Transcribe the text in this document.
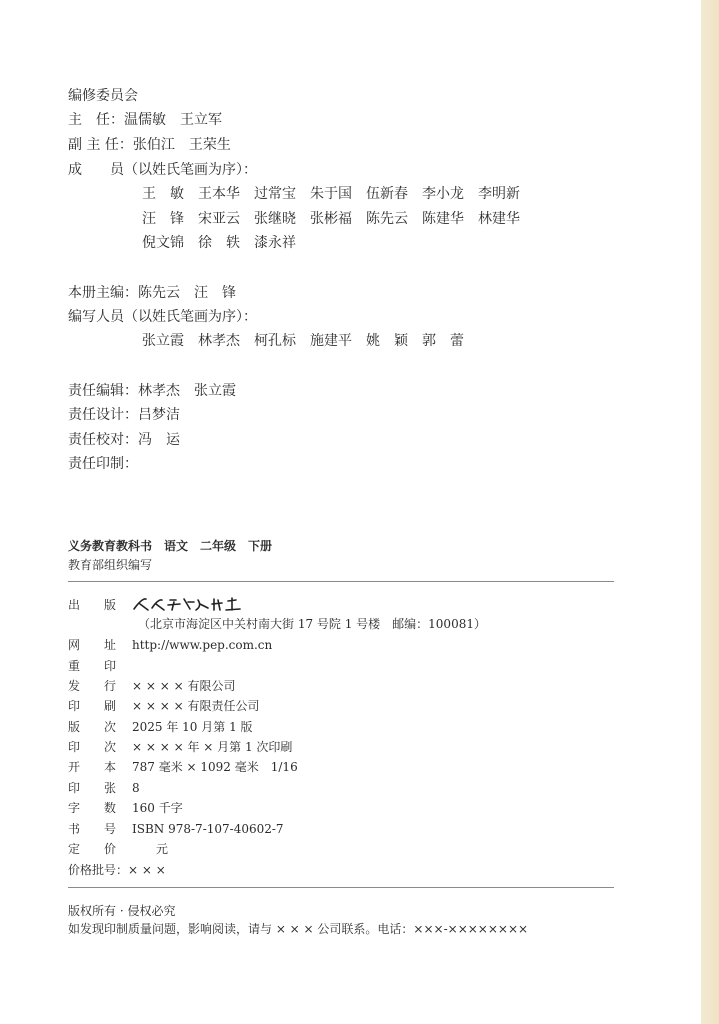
编修委员会
主　任：温儒敏　王立军
副 主 任：张伯江　王荣生
成　　员（以姓氏笔画为序）：
王　敏　王本华　过常宝　朱于国　伍新春　李小龙　李明新
汪　锋　宋亚云　张继晓　张彬福　陈先云　陈建华　林建华
倪文锦　徐　轶　漆永祥
本册主编：陈先云　汪　锋
编写人员（以姓氏笔画为序）：
张立霞　林孝杰　柯孔标　施建平　姚　颖　郭　蕾
责任编辑：林孝杰　张立霞
责任设计：吕梦洁
责任校对：冯　运
责任印制：
义务教育教科书　语文　二年级　下册
教育部组织编写
出　　版
（北京市海淀区中关村南大街 17 号院 1 号楼　邮编：100081）
网　　址 http://www.pep.com.cn
重　　印
发　　行 × × × × 有限公司
印　　刷 × × × × 有限责任公司
版　　次 2025 年 10 月第 1 版
印　　次 × × × × 年 × 月第 1 次印刷
开　　本 787 毫米 × 1092 毫米　1/16
印　　张 8
字　　数 160 千字
书　　号 ISBN 978-7-107-40602-7
定　　价 　　元
价格批号：× × ×
版权所有 · 侵权必究
如发现印制质量问题，影响阅读，请与 × × × 公司联系。电话：×××-××××××××
